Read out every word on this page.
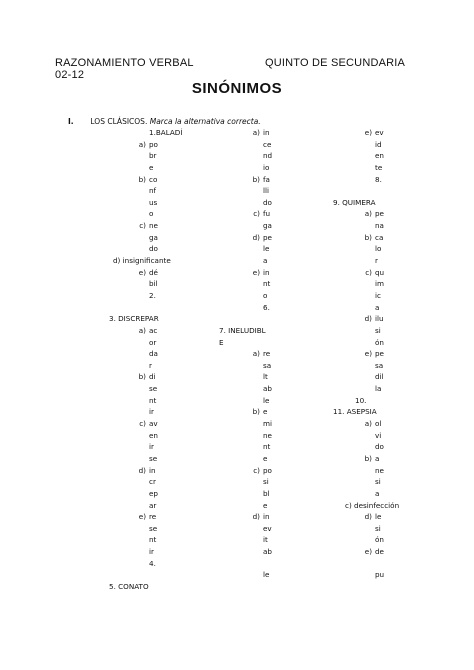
RAZONAMIENTO VERBAL
02-12
QUINTO DE SECUNDARIA
SINÓNIMOS
I. LOS CLÁSICOS. Marca la alternativa correcta.
1.BALADÍ
a) po
br
e
b) co
nf
us
o
c) ne
ga
do
d) insignificante
e) dé
bil
2.
3. DISCREPAR
a) ac
or
da
r
b) di
se
nt
ir
c) av
en
ir
se
d) in
cr
ep
ar
e) re
se
nt
ir
4.
5. CONATO
a) in
ce
nd
io
b) fa
lli
do
c) fu
ga
d) pe
le
a
e) in
nt
o
6.
7. INELUDIBL
E
a) re
sa
lt
ab
le
b) e
mi
ne
nt
e
c) po
si
bl
e
d) in
ev
it
ab
le
e) ev
id
en
te
8.
9. QUIMERA
a) pe
na
b) ca
lo
r
c) qu
im
ic
a
d) ilu
si
ón
e) pe
sa
dil
la
10.
11. ASEPSIA
a) ol
vi
do
b) a
ne
si
a
c) desinfección
d) le
si
ón
e) de
pu
